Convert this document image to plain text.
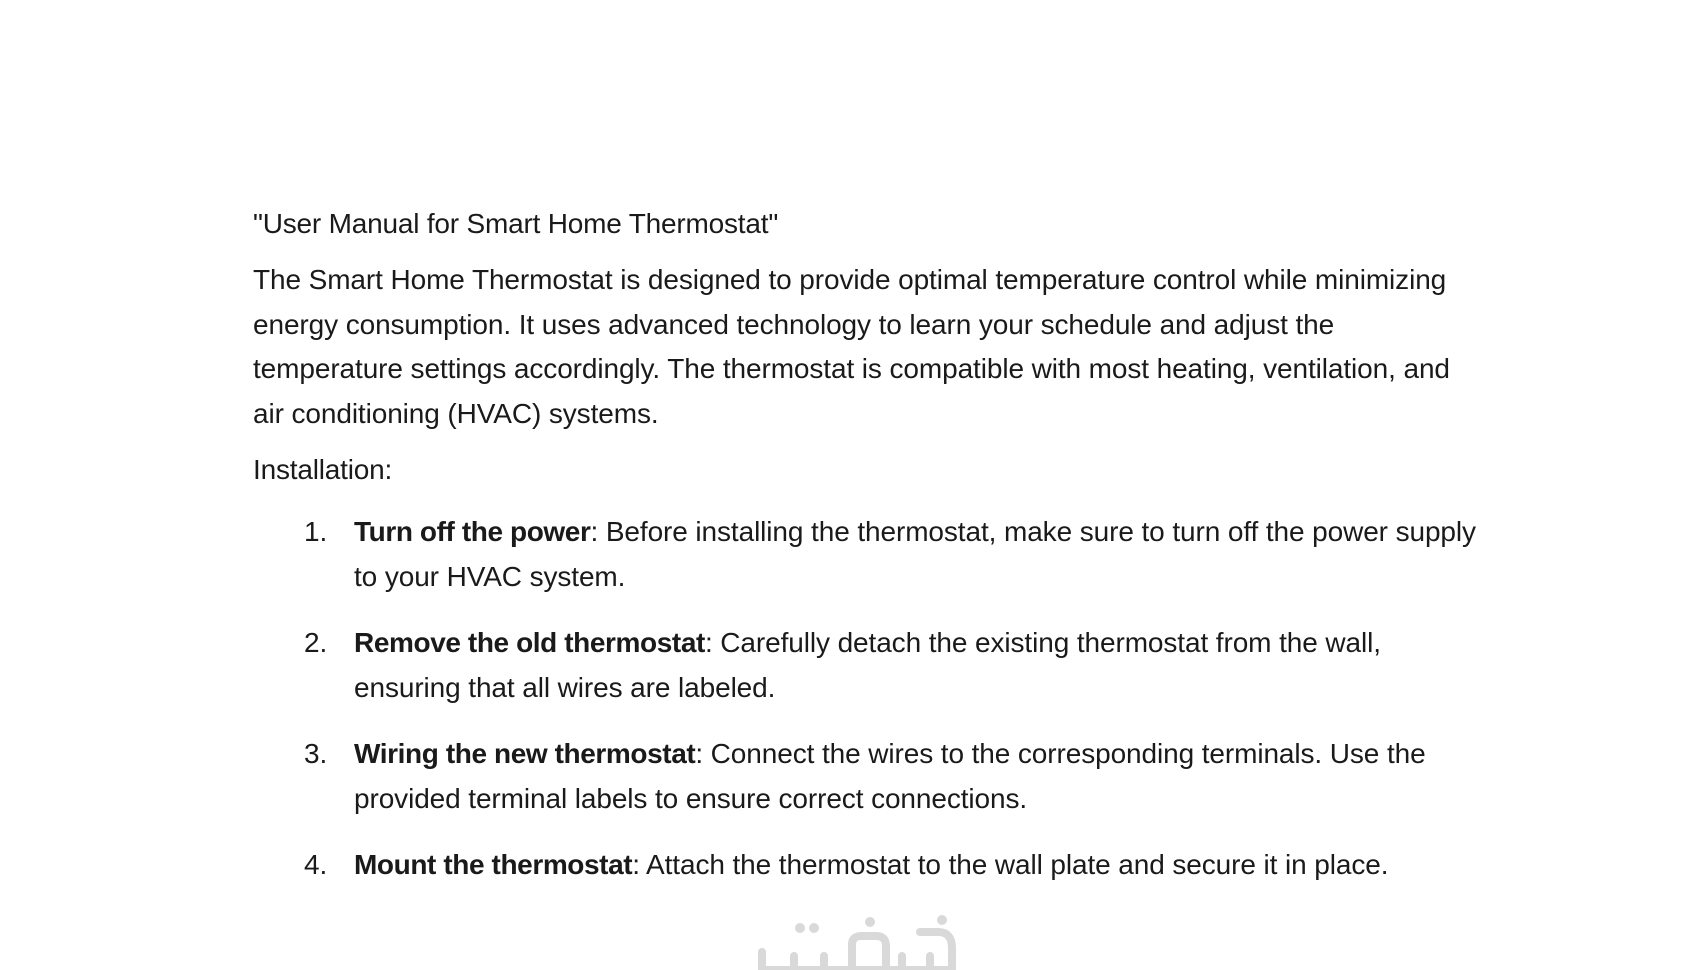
"User Manual for Smart Home Thermostat"

The Smart Home Thermostat is designed to provide optimal temperature control while minimizing energy consumption. It uses advanced technology to learn your schedule and adjust the temperature settings accordingly. The thermostat is compatible with most heating, ventilation, and air conditioning (HVAC) systems.

Installation:
1. Turn off the power: Before installing the thermostat, make sure to turn off the power supply to your HVAC system.
2. Remove the old thermostat: Carefully detach the existing thermostat from the wall, ensuring that all wires are labeled.
3. Wiring the new thermostat: Connect the wires to the corresponding terminals. Use the provided terminal labels to ensure correct connections.
4. Mount the thermostat: Attach the thermostat to the wall plate and secure it in place.
